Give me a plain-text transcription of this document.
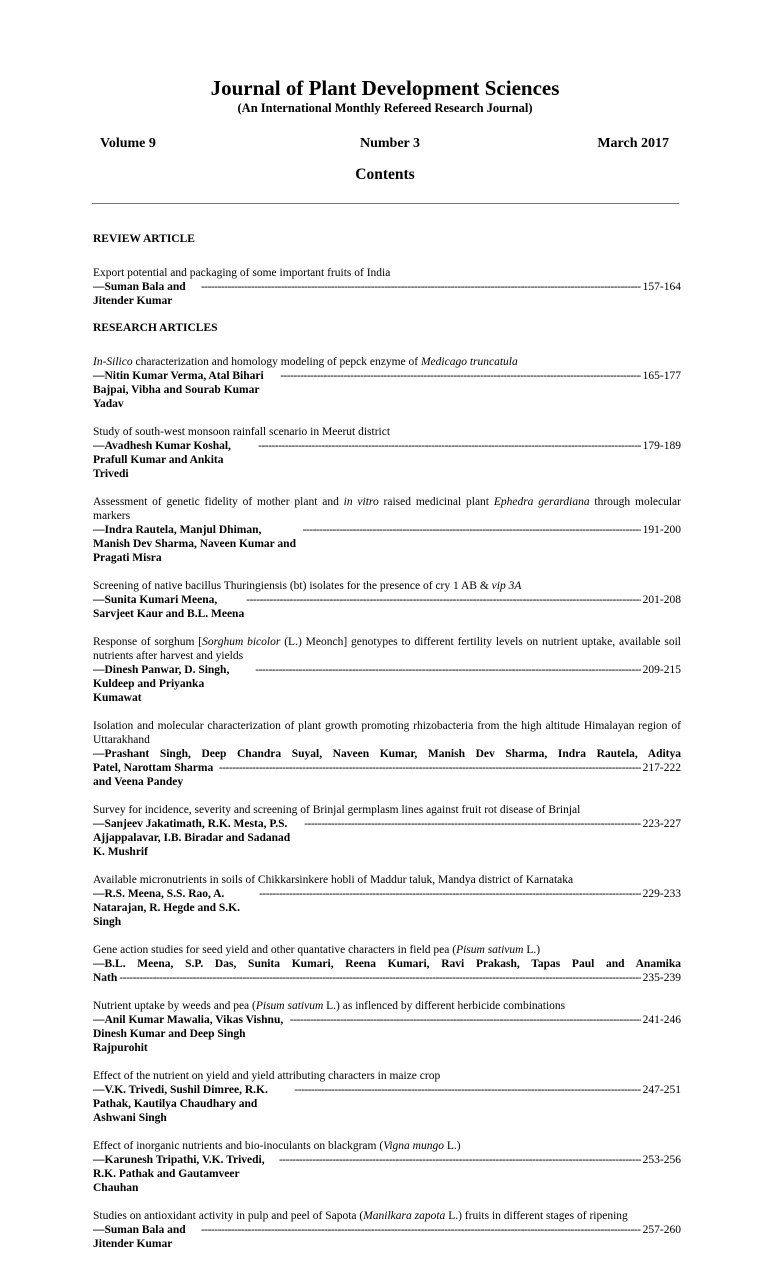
Journal of Plant Development Sciences
(An International Monthly Refereed Research Journal)
Volume 9	Number 3	March 2017
Contents
REVIEW ARTICLE
Export potential and packaging of some important fruits of India
—Suman Bala and Jitender Kumar
-----
157-164
RESEARCH ARTICLES
In-Silico characterization and homology modeling of pepck enzyme of Medicago truncatula
—Nitin Kumar Verma, Atal Bihari Bajpai, Vibha and Sourab Kumar Yadav
-----
165-177
Study of south-west monsoon rainfall scenario in Meerut district
—Avadhesh Kumar Koshal, Prafull Kumar and Ankita Trivedi
-----
179-189
Assessment of genetic fidelity of mother plant and in vitro raised medicinal plant Ephedra gerardiana through molecular markers
—Indra Rautela, Manjul Dhiman, Manish Dev Sharma, Naveen Kumar and Pragati Misra
-----
191-200
Screening of native bacillus Thuringiensis (bt) isolates for the presence of cry 1 AB & vip 3A
—Sunita Kumari Meena, Sarvjeet Kaur and B.L. Meena
-----
201-208
Response of sorghum [Sorghum bicolor (L.) Meonch] genotypes to different fertility levels on nutrient uptake, available soil nutrients after harvest and yields
—Dinesh Panwar, D. Singh, Kuldeep and Priyanka Kumawat
-----
209-215
Isolation and molecular characterization of plant growth promoting rhizobacteria from the high altitude Himalayan region of Uttarakhand
—Prashant Singh, Deep Chandra Suyal, Naveen Kumar, Manish Dev Sharma, Indra Rautela, Aditya
Patel, Narottam Sharma and Veena Pandey
-----
217-222
Survey for incidence, severity and screening of Brinjal germplasm lines against fruit rot disease of Brinjal
—Sanjeev Jakatimath, R.K. Mesta, P.S. Ajjappalavar, I.B. Biradar and Sadanad K. Mushrif
-----
223-227
Available micronutrients in soils of Chikkarsinkere hobli of Maddur taluk, Mandya district of Karnataka
—R.S. Meena, S.S. Rao, A. Natarajan, R. Hegde and S.K. Singh
-----
229-233
Gene action studies for seed yield and other quantative characters in field pea (Pisum sativum L.)
—B.L. Meena, S.P. Das, Sunita Kumari, Reena Kumari, Ravi Prakash, Tapas Paul and Anamika
Nath
-----	235-239
Nutrient uptake by weeds and pea (Pisum sativum L.) as inflenced by different herbicide combinations
—Anil Kumar Mawalia, Vikas Vishnu, Dinesh Kumar and Deep Singh Rajpurohit
-----
241-246
Effect of the nutrient on yield and yield attributing characters in maize crop
—V.K. Trivedi, Sushil Dimree, R.K. Pathak, Kautilya Chaudhary and Ashwani Singh
-----
247-251
Effect of inorganic nutrients and bio-inoculants on blackgram (Vigna mungo L.)
—Karunesh Tripathi, V.K. Trivedi, R.K. Pathak and Gautamveer Chauhan
-----
253-256
Studies on antioxidant activity in pulp and peel of Sapota (Manilkara zapota L.) fruits in different stages of ripening
—Suman Bala and Jitender Kumar
-----
257-260
